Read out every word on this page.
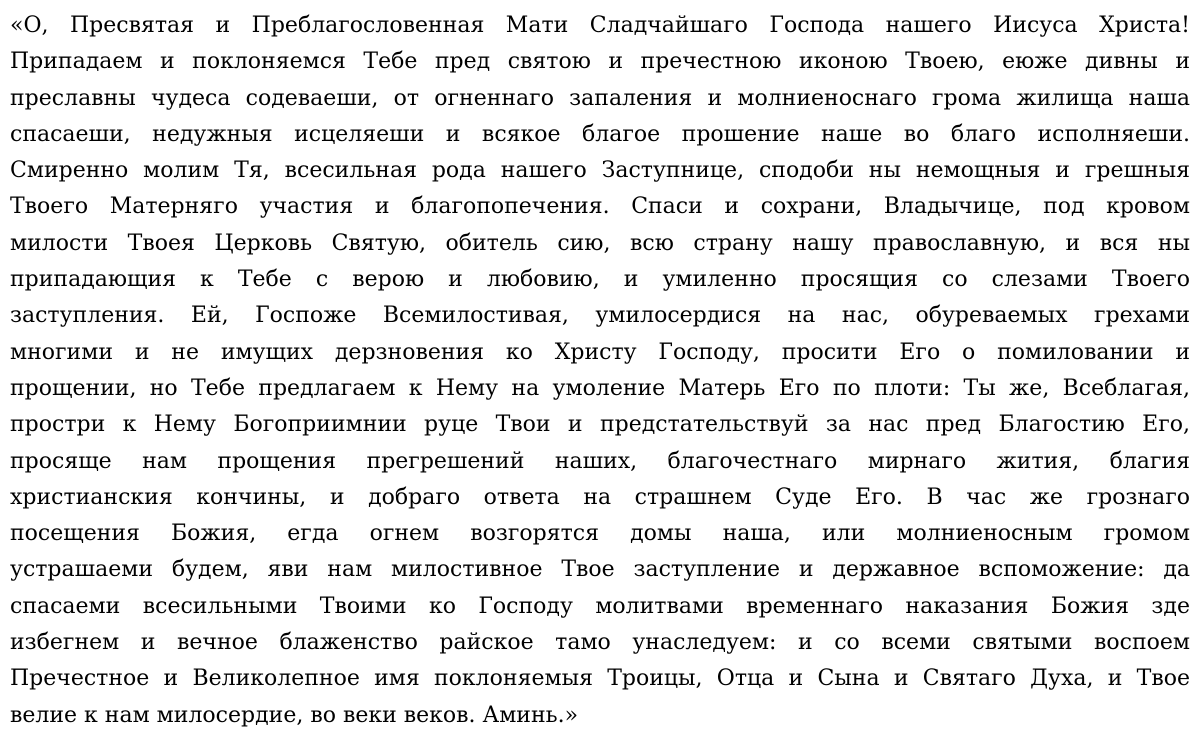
«О, Пресвятая и Преблагословенная Мати Сладчайшаго Господа нашего Иисуса Христа!
Припадаем и поклоняемся Тебе пред святою и пречестною иконою Твоею, еюже дивны и
преславны чудеса содеваеши, от огненнаго запаления и молниеноснаго грома жилища наша
спасаеши, недужныя исцеляеши и всякое благое прошение наше во благо исполняеши.
Смиренно молим Тя, всесильная рода нашего Заступнице, сподоби ны немощныя и грешныя
Твоего Матерняго участия и благопопечения. Спаси и сохрани, Владычице, под кровом
милости Твоея Церковь Святую, обитель сию, всю страну нашу православную, и вся ны
припадающия к Тебе с верою и любовию, и умиленно просящия со слезами Твоего
заступления. Ей, Госпоже Всемилостивая, умилосердися на нас, обуреваемых грехами
многими и не имущих дерзновения ко Христу Господу, просити Его о помиловании и
прощении, но Тебе предлагаем к Нему на умоление Матерь Его по плоти: Ты же, Всеблагая,
простри к Нему Богоприимнии руце Твои и предстательствуй за нас пред Благостию Его,
просяще нам прощения прегрешений наших, благочестнаго мирнаго жития, благия
христианския кончины, и добраго ответа на страшнем Суде Его. В час же грознаго
посещения Божия, егда огнем возгорятся домы наша, или молниеносным громом
устрашаеми будем, яви нам милостивное Твое заступление и державное вспоможение: да
спасаеми всесильными Твоими ко Господу молитвами временнаго наказания Божия зде
избегнем и вечное блаженство райское тамо унаследуем: и со всеми святыми воспоем
Пречестное и Великолепное имя поклоняемыя Троицы, Отца и Сына и Святаго Духа, и Твое
велие к нам милосердие, во веки веков. Аминь.»
